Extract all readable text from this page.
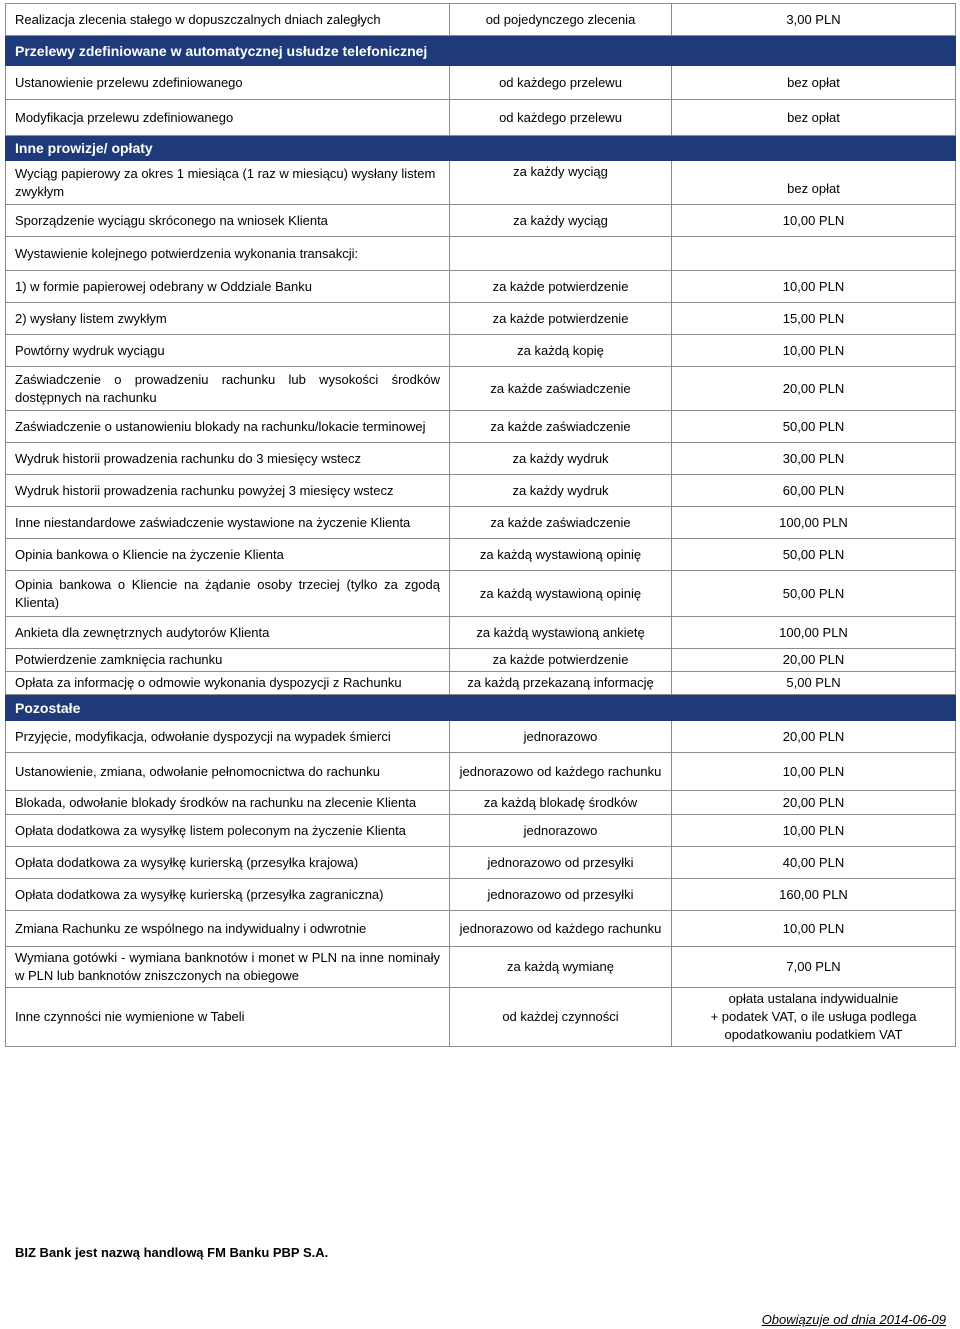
Realizacja zlecenia stałego w dopuszczalnych dniach zaległych	od pojedynczego zlecenia	3,00 PLN
Przelewy zdefiniowane w automatycznej usłudze telefonicznej		
Ustanowienie przelewu zdefiniowanego	od każdego przelewu	bez opłat
Modyfikacja przelewu zdefiniowanego	od każdego przelewu	bez opłat
Inne prowizje/ opłaty		
Wyciąg papierowy za okres 1 miesiąca (1 raz w miesiącu) wysłany listem zwykłym	za każdy wyciąg	bez opłat
Sporządzenie wyciągu skróconego na wniosek Klienta	za każdy wyciąg	10,00 PLN
Wystawienie kolejnego potwierdzenia wykonania transakcji:		
1) w formie papierowej odebrany w Oddziale Banku	za każde potwierdzenie	10,00 PLN
2) wysłany listem zwykłym	za każde potwierdzenie	15,00 PLN
Powtórny wydruk wyciągu	za każdą kopię	10,00 PLN
Zaświadczenie o prowadzeniu rachunku lub wysokości środków dostępnych na rachunku	za każde zaświadczenie	20,00 PLN
Zaświadczenie o ustanowieniu blokady na rachunku/lokacie terminowej	za każde zaświadczenie	50,00 PLN
Wydruk historii prowadzenia rachunku do 3 miesięcy wstecz	za każdy wydruk	30,00 PLN
Wydruk historii prowadzenia rachunku powyżej 3 miesięcy wstecz	za każdy wydruk	60,00 PLN
Inne niestandardowe zaświadczenie wystawione na życzenie Klienta	za każde zaświadczenie	100,00 PLN
Opinia bankowa o Kliencie na życzenie Klienta	za każdą wystawioną opinię	50,00 PLN
Opinia bankowa o Kliencie na żądanie osoby trzeciej (tylko za zgodą Klienta)	za każdą wystawioną opinię	50,00 PLN
Ankieta dla zewnętrznych audytorów Klienta	za każdą wystawioną ankietę	100,00 PLN
Potwierdzenie zamknięcia rachunku	za każde potwierdzenie	20,00 PLN
Opłata za informację o odmowie wykonania dyspozycji z Rachunku	za każdą przekazaną informację	5,00 PLN
Pozostałe		
Przyjęcie, modyfikacja, odwołanie dyspozycji na wypadek śmierci	jednorazowo	20,00 PLN
Ustanowienie, zmiana, odwołanie pełnomocnictwa do rachunku	jednorazowo od każdego rachunku	10,00 PLN
Blokada, odwołanie blokady środków na rachunku na zlecenie Klienta	za każdą blokadę środków	20,00 PLN
Opłata dodatkowa za wysyłkę listem poleconym na życzenie Klienta	jednorazowo	10,00 PLN
Opłata dodatkowa za wysyłkę kurierską (przesyłka krajowa)	jednorazowo od przesyłki	40,00 PLN
Opłata dodatkowa za wysyłkę kurierską (przesyłka zagraniczna)	jednorazowo od przesyłki	160,00 PLN
Zmiana Rachunku ze wspólnego na indywidualny i odwrotnie	jednorazowo od każdego rachunku	10,00 PLN
Wymiana gotówki - wymiana banknotów i monet w PLN na inne nominały w PLN lub banknotów zniszczonych na obiegowe	za każdą wymianę	7,00 PLN
Inne czynności nie wymienione w Tabeli	od każdej czynności	opłata ustalana indywidualnie
+ podatek VAT, o ile usługa podlega opodatkowaniu podatkiem VAT
BIZ Bank jest nazwą handlową FM Banku PBP S.A.
Obowiązuje od dnia 2014-06-09
